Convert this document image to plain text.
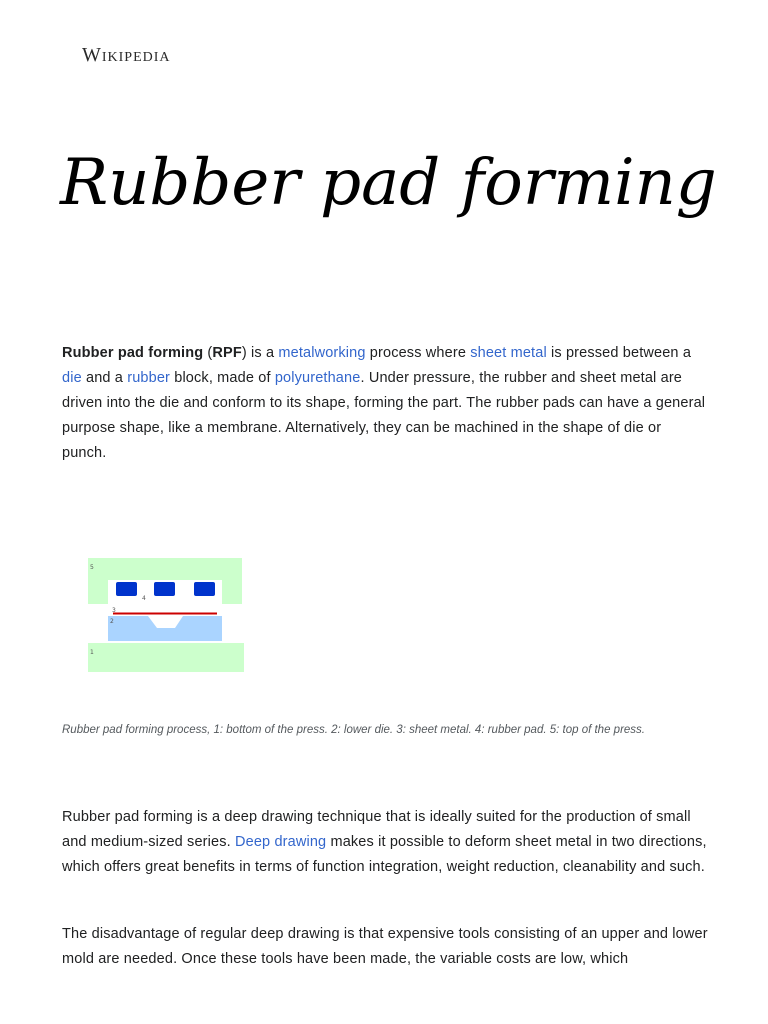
Wikipedia
Rubber pad forming

Rubber pad forming (RPF) is a metalworking process where sheet metal is pressed between a die and a rubber block, made of polyurethane. Under pressure, the rubber and sheet metal are driven into the die and conform to its shape, forming the part. The rubber pads can have a general purpose shape, like a membrane. Alternatively, they can be machined in the shape of die or punch.

5
4
3
2
1
Rubber pad forming process, 1: bottom of the press. 2: lower die. 3: sheet metal. 4: rubber pad. 5: top of the press.

Rubber pad forming is a deep drawing technique that is ideally suited for the production of small and medium-sized series. Deep drawing makes it possible to deform sheet metal in two directions, which offers great benefits in terms of function integration, weight reduction, cleanability and such.

The disadvantage of regular deep drawing is that expensive tools consisting of an upper and lower mold are needed. Once these tools have been made, the variable costs are low, which
